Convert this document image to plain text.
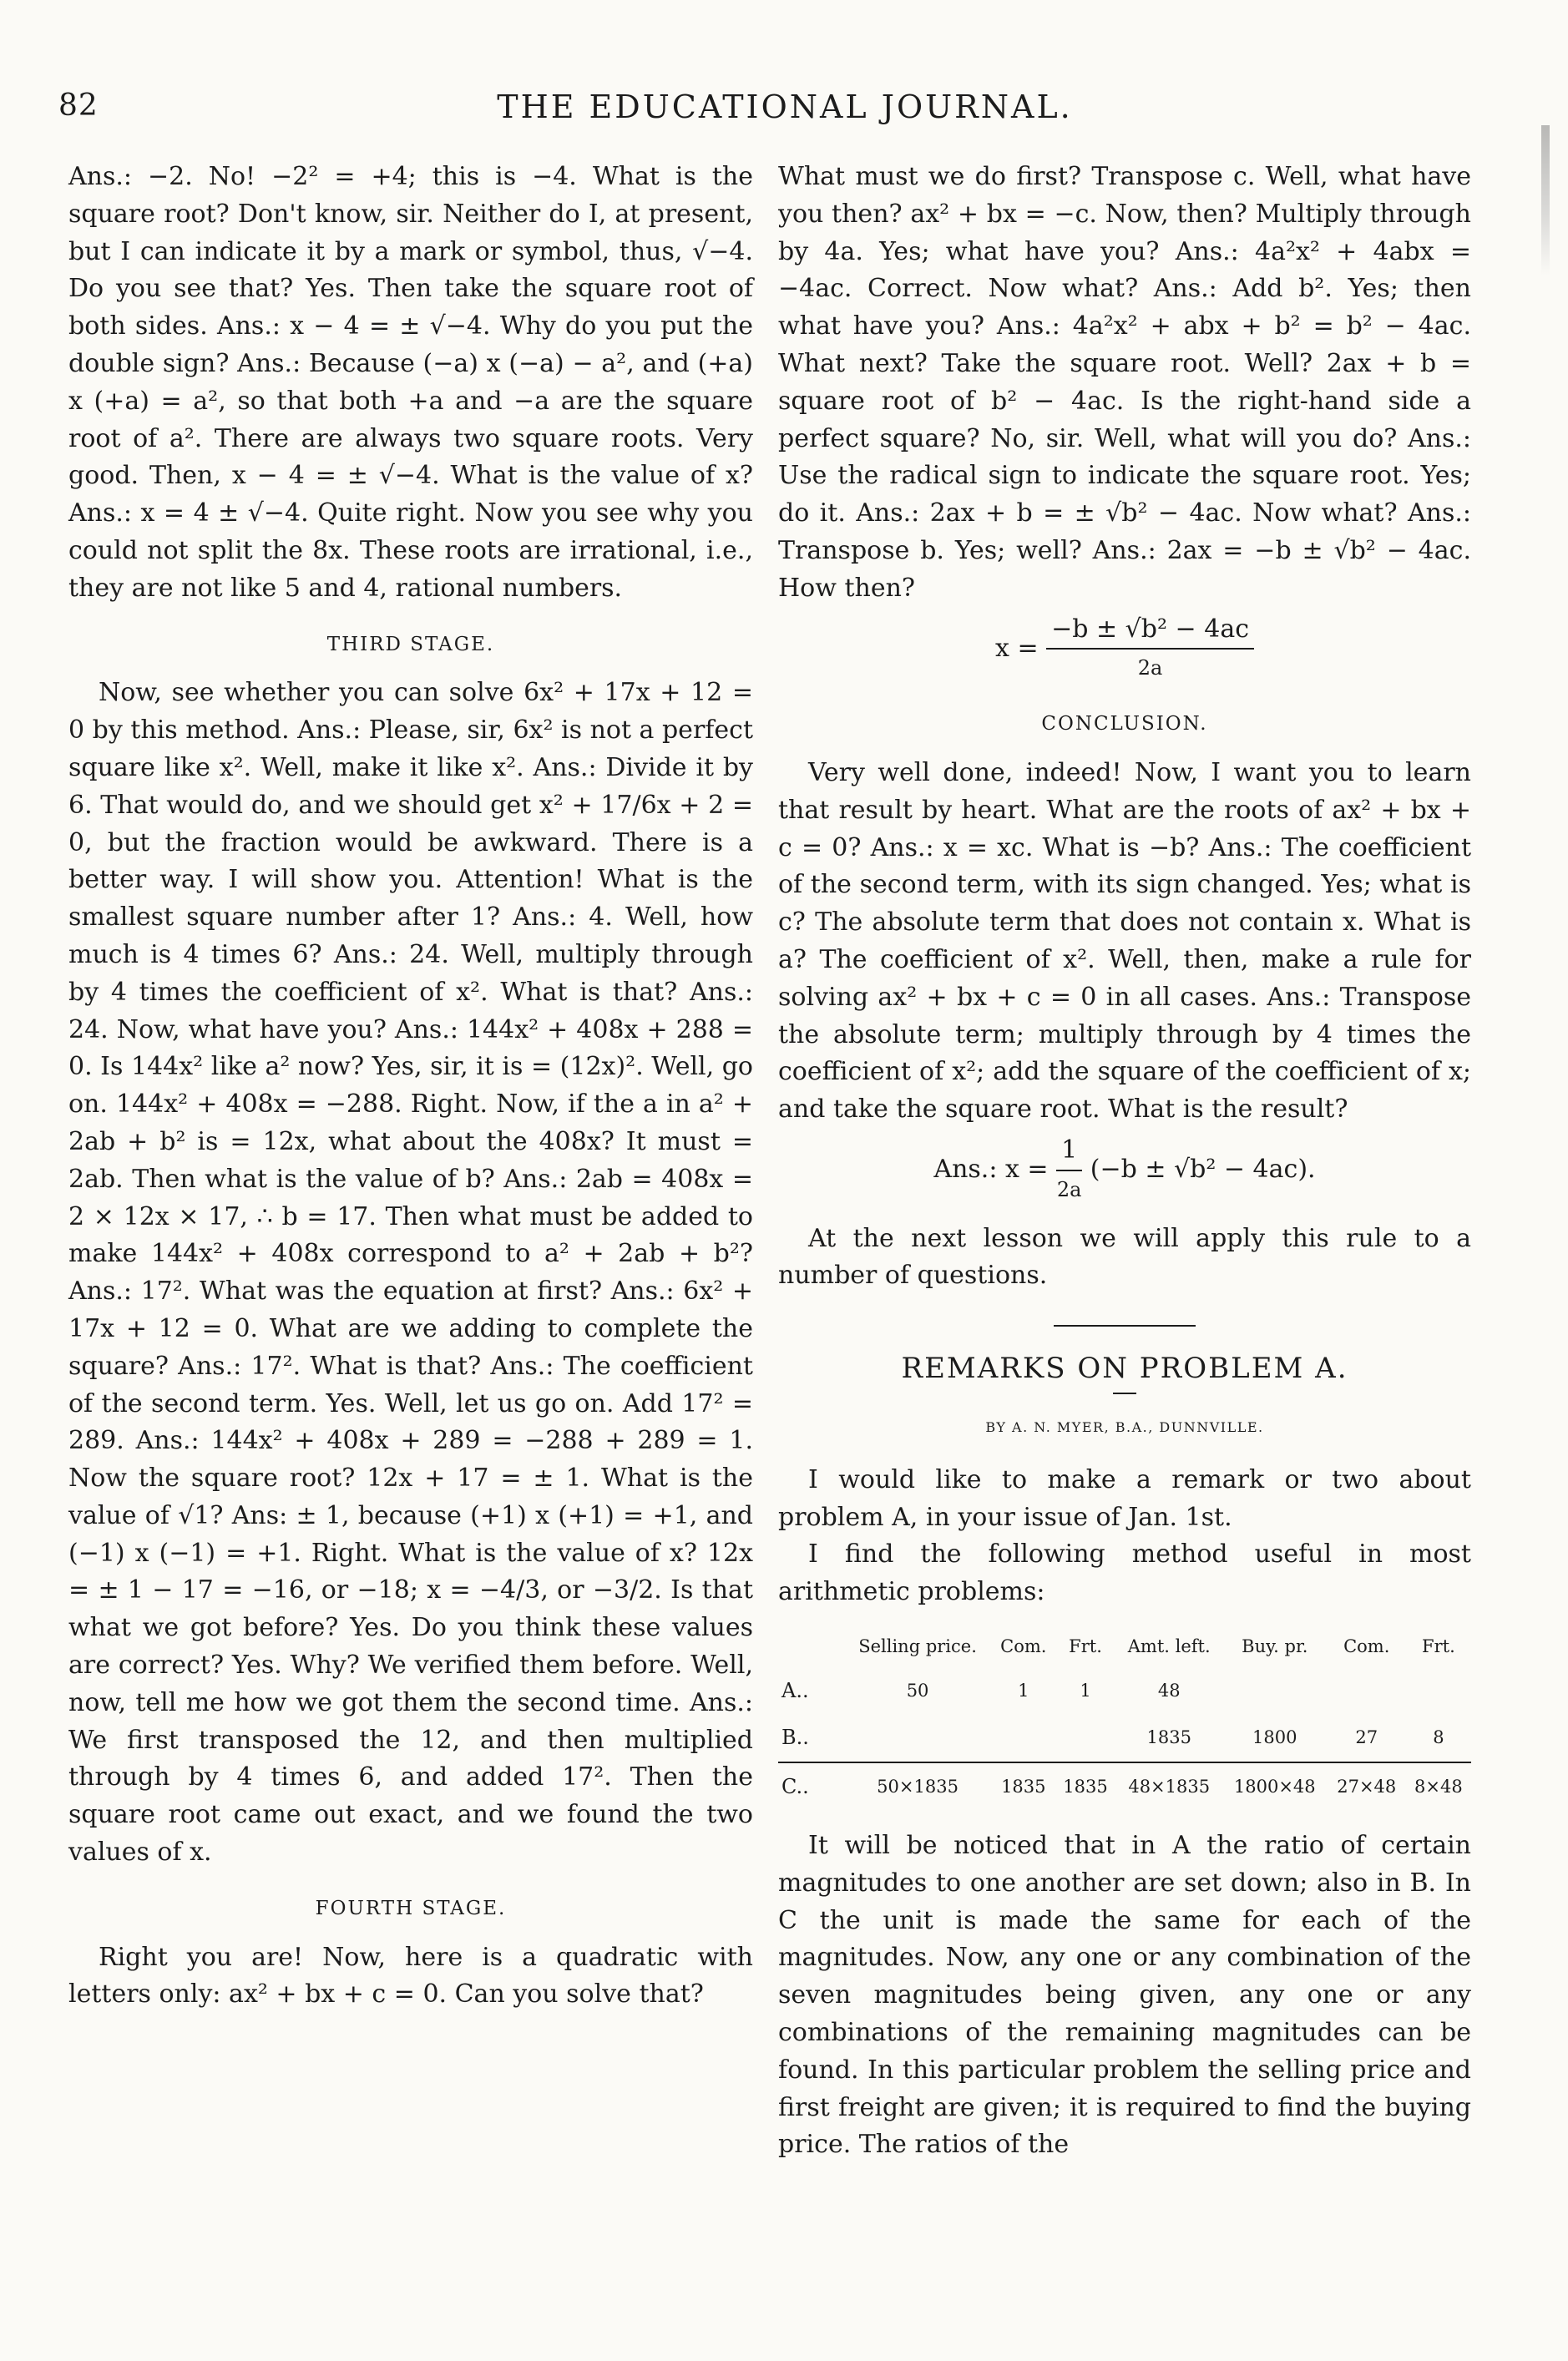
82	THE EDUCATIONAL JOURNAL.

Ans.: −2. No! −2² = +4; this is −4. What is the square root? Don't know, sir. Neither do I, at present, but I can indicate it by a mark or symbol, thus, √−4. Do you see that? Yes. Then take the square root of both sides. Ans.: x − 4 = ± √−4. Why do you put the double sign? Ans.: Because (−a) x (−a) − a², and (+a) x (+a) = a², so that both +a and −a are the square root of a². There are always two square roots. Very good. Then, x − 4 = ± √−4. What is the value of x? Ans.: x = 4 ± √−4. Quite right. Now you see why you could not split the 8x. These roots are irrational, i.e., they are not like 5 and 4, rational numbers.

THIRD STAGE.

Now, see whether you can solve 6x² + 17x + 12 = 0 by this method. Ans.: Please, sir, 6x² is not a perfect square like x². Well, make it like x². Ans.: Divide it by 6. That would do, and we should get x² + 17/6x + 2 = 0, but the fraction would be awkward. There is a better way. I will show you. Attention! What is the smallest square number after 1? Ans.: 4. Well, how much is 4 times 6? Ans.: 24. Well, multiply through by 4 times the coefficient of x². What is that? Ans.: 24. Now, what have you? Ans.: 144x² + 408x + 288 = 0. Is 144x² like a² now? Yes, sir, it is = (12x)². Well, go on. 144x² + 408x = −288. Right. Now, if the a in a² + 2ab + b² is = 12x, what about the 408x? It must = 2ab. Then what is the value of b? Ans.: 2ab = 408x = 2 × 12x × 17, ∴ b = 17. Then what must be added to make 144x² + 408x correspond to a² + 2ab + b²? Ans.: 17². What was the equation at first? Ans.: 6x² + 17x + 12 = 0. What are we adding to complete the square? Ans.: 17². What is that? Ans.: The coefficient of the second term. Yes. Well, let us go on. Add 17² = 289. Ans.: 144x² + 408x + 289 = −288 + 289 = 1. Now the square root? 12x + 17 = ± 1. What is the value of √1? Ans: ± 1, because (+1) x (+1) = +1, and (−1) x (−1) = +1. Right. What is the value of x? 12x = ± 1 − 17 = −16, or −18; x = −4/3, or −3/2. Is that what we got before? Yes. Do you think these values are correct? Yes. Why? We verified them before. Well, now, tell me how we got them the second time. Ans.: We first transposed the 12, and then multiplied through by 4 times 6, and added 17². Then the square root came out exact, and we found the two values of x.

FOURTH STAGE.

Right you are! Now, here is a quadratic with letters only: ax² + bx + c = 0. Can you solve that?

What must we do first? Transpose c. Well, what have you then? ax² + bx = −c. Now, then? Multiply through by 4a. Yes; what have you? Ans.: 4a²x² + 4abx = −4ac. Correct. Now what? Ans.: Add b². Yes; then what have you? Ans.: 4a²x² + abx + b² = b² − 4ac. What next? Take the square root. Well? 2ax + b = square root of b² − 4ac. Is the right-hand side a perfect square? No, sir. Well, what will you do? Ans.: Use the radical sign to indicate the square root. Yes; do it. Ans.: 2ax + b = ± √b² − 4ac. Now what? Ans.: Transpose b. Yes; well? Ans.: 2ax = −b ± √b² − 4ac. How then?

$x = \frac{\text{−b ± √b² − 4ac}}{2a}$
CONCLUSION.

Very well done, indeed! Now, I want you to learn that result by heart. What are the roots of ax² + bx + c = 0? Ans.: x = xc. What is −b? Ans.: The coefficient of the second term, with its sign changed. Yes; what is c? The absolute term that does not contain x. What is a? The coefficient of x². Well, then, make a rule for solving ax² + bx + c = 0 in all cases. Ans.: Transpose the absolute term; multiply through by 4 times the coefficient of x²; add the square of the coefficient of x; and take the square root. What is the result?

Ans.: $x = \frac{1}{2a} (-b \pm √b^2 - 4ac)$.

At the next lesson we will apply this rule to a number of questions.

REMARKS ON PROBLEM A.
BY A. N. MYER, B.A., DUNNVILLE.

I would like to make a remark or two about problem A, in your issue of Jan. 1st.

I find the following method useful in most arithmetic problems:

	Selling price.	Com.	Frt.	Amt. left.	Buy. pr.	Com.	Frt.
A..	50	1	1	48			
B..				1835	1800	27	8
C..	50×1835	1835	1835	48×1835	1800×48	27×48	8×48

It will be noticed that in A the ratio of certain magnitudes to one another are set down; also in B. In C the unit is made the same for each of the magnitudes. Now, any one or any combination of the seven magnitudes being given, any one or any combinations of the remaining magnitudes can be found. In this particular problem the selling price and first freight are given; it is required to find the buying price. The ratios of the
